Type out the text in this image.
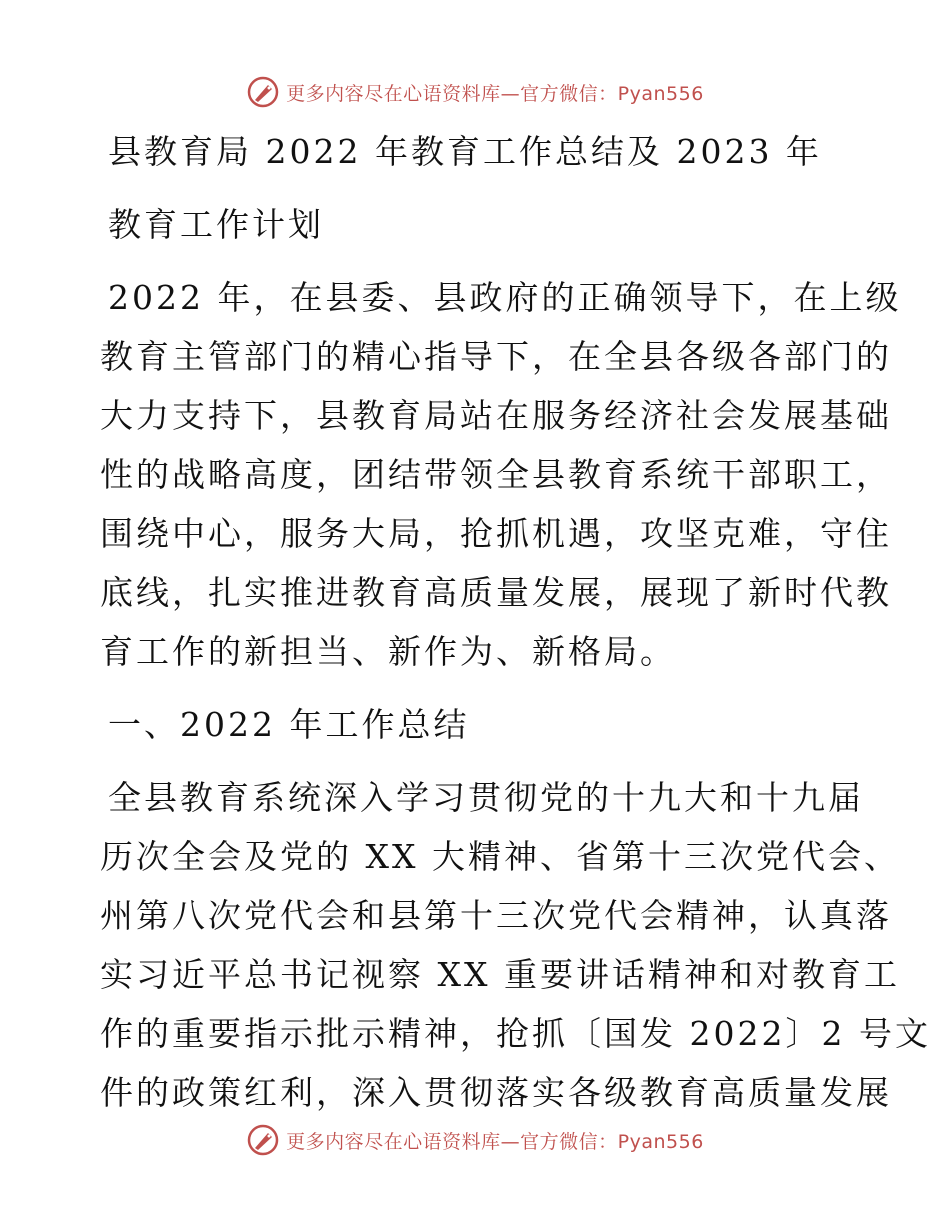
更多内容尽在心语资料库—官方微信：Pyan556
县教育局 2022 年教育工作总结及 2023 年
教育工作计划
2022 年，在县委、县政府的正确领导下，在上级
教育主管部门的精心指导下，在全县各级各部门的
大力支持下，县教育局站在服务经济社会发展基础
性的战略高度，团结带领全县教育系统干部职工，
围绕中心，服务大局，抢抓机遇，攻坚克难，守住
底线，扎实推进教育高质量发展，展现了新时代教
育工作的新担当、新作为、新格局。
一、2022 年工作总结
全县教育系统深入学习贯彻党的十九大和十九届
历次全会及党的 XX 大精神、省第十三次党代会、
州第八次党代会和县第十三次党代会精神，认真落
实习近平总书记视察 XX 重要讲话精神和对教育工
作的重要指示批示精神，抢抓〔国发 2022〕2 号文
件的政策红利，深入贯彻落实各级教育高质量发展
更多内容尽在心语资料库—官方微信：Pyan556
